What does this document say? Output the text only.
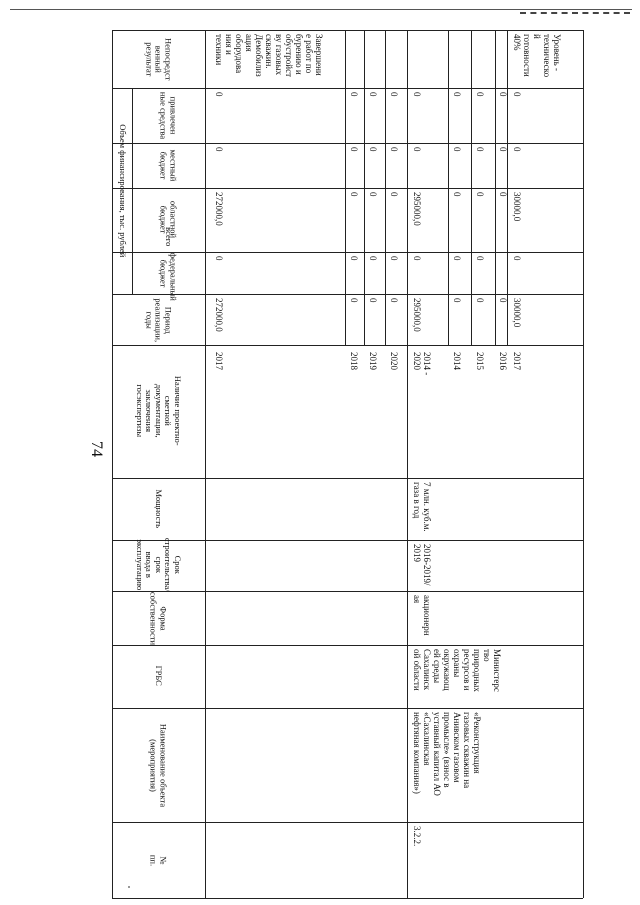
74
№
пп.
Наименование объекта
(мероприятия)
ГРБС
Форма
собственности
Срок
строительства/срок
ввода в
эксплуатацию
Мощность
Наличие проектно-
сметной
документации,
заключения
госэкспертизы
Период реализации,
годы
Объем финансирования, тыс. рублей	всего
федеральный
бюджет
областной
бюджет
местный
бюджет
привлечен
ные средства
Непосредст
венный
результат
2017
272000,0
0
272000,0
0
0
Завершени
е работ по
бурению и
обустройст
ву газовых
скважин.
Демобилиз
ация
оборудова
ния и
техники
2018
0
0
0
0
0
2019
0
0
0
0
0
2020
0
0
0
0
0
2014 -
2020
295000,0
0
295000,0
0
0
3.2.2.
«Реконструкция
газовых скважин на
Анивском газовом
промысле» (взнос в
уставный капитал АО
«Сахалинская
нефтяная компания»)
Министерс
тво
природных
ресурсов и
охраны
окружающ
ей среды
Сахалинск
ой области
акционерн
ая
2016-2019/
2019
7 млн. куб.м.
газа в год
2014
0
0
0
0
0
2015
0
0
0
0
0
2016
0
0
0
0
2017
30000,0
0
30000,0
0
0
Уровень -
техническо
й
готовности
40%
